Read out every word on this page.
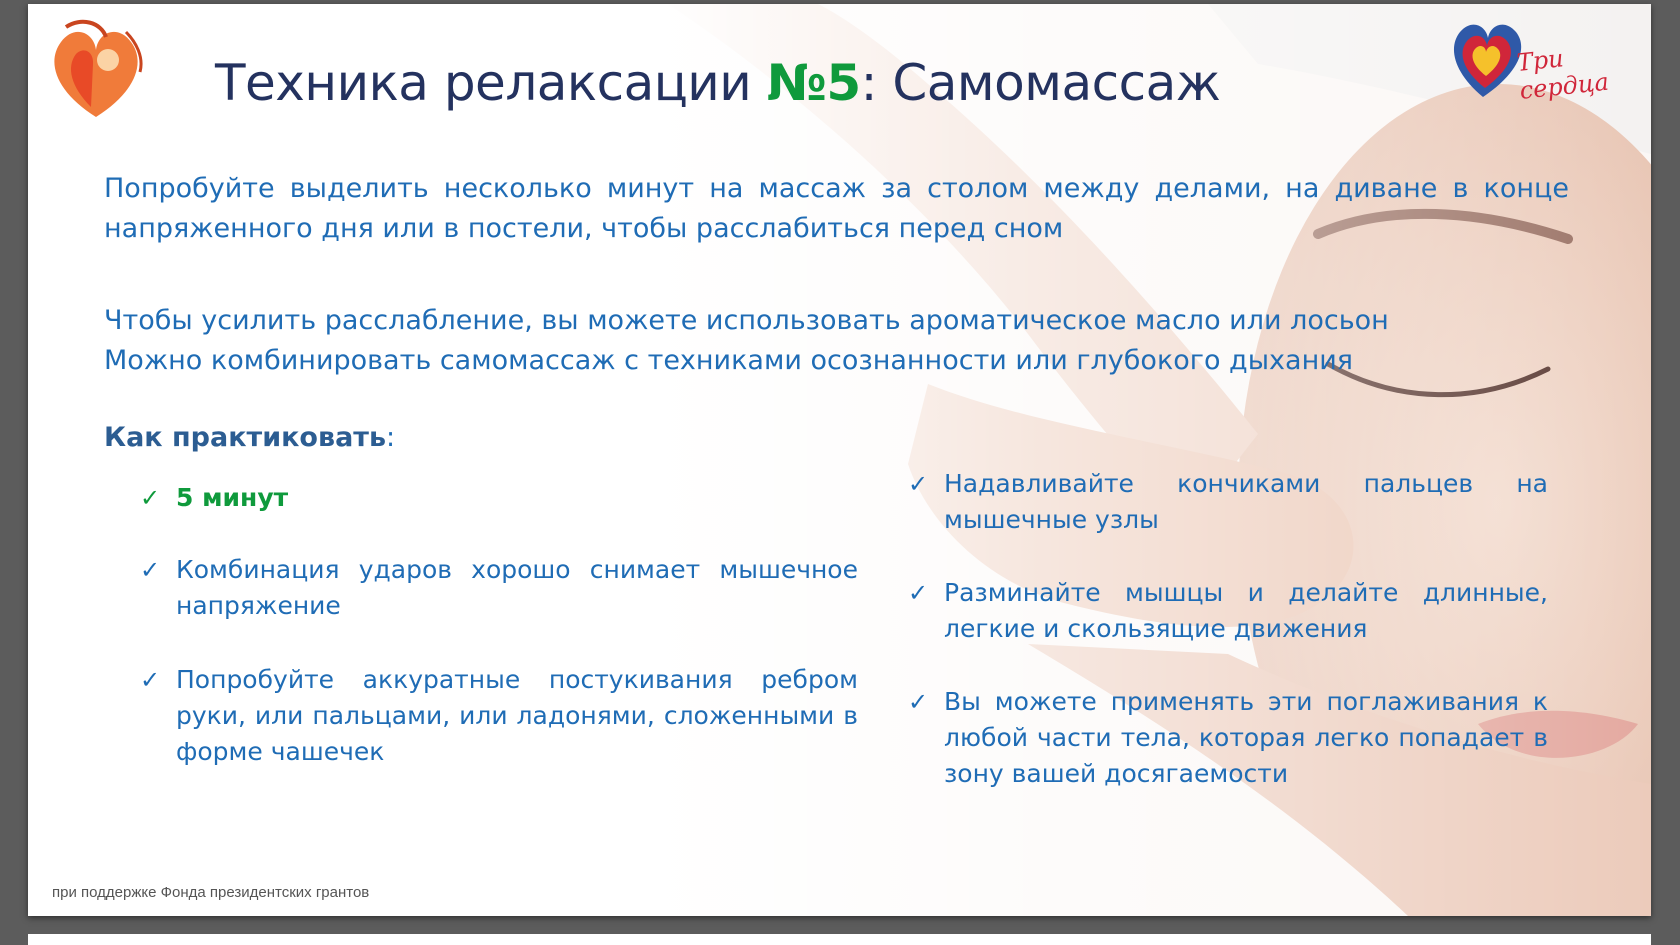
Три сердца
Техника релаксации №5: Самомассаж
Попробуйте выделить несколько минут на массаж за столом между делами, на диване в конце напряженного дня или в постели, чтобы расслабиться перед сном
Чтобы усилить расслабление, вы можете использовать ароматическое масло или лосьон
Можно комбинировать самомассаж с техниками осознанности или глубокого дыхания
Как практиковать:
✓ 5 минут
✓ Комбинация ударов хорошо снимает мышечное напряжение
✓ Попробуйте аккуратные постукивания ребром руки, или пальцами, или ладонями, сложенными в форме чашечек
✓ Надавливайте кончиками пальцев на мышечные узлы
✓ Разминайте мышцы и делайте длинные, легкие и скользящие движения
✓ Вы можете применять эти поглаживания к любой части тела, которая легко попадает в зону вашей досягаемости
при поддержке Фонда президентских грантов
